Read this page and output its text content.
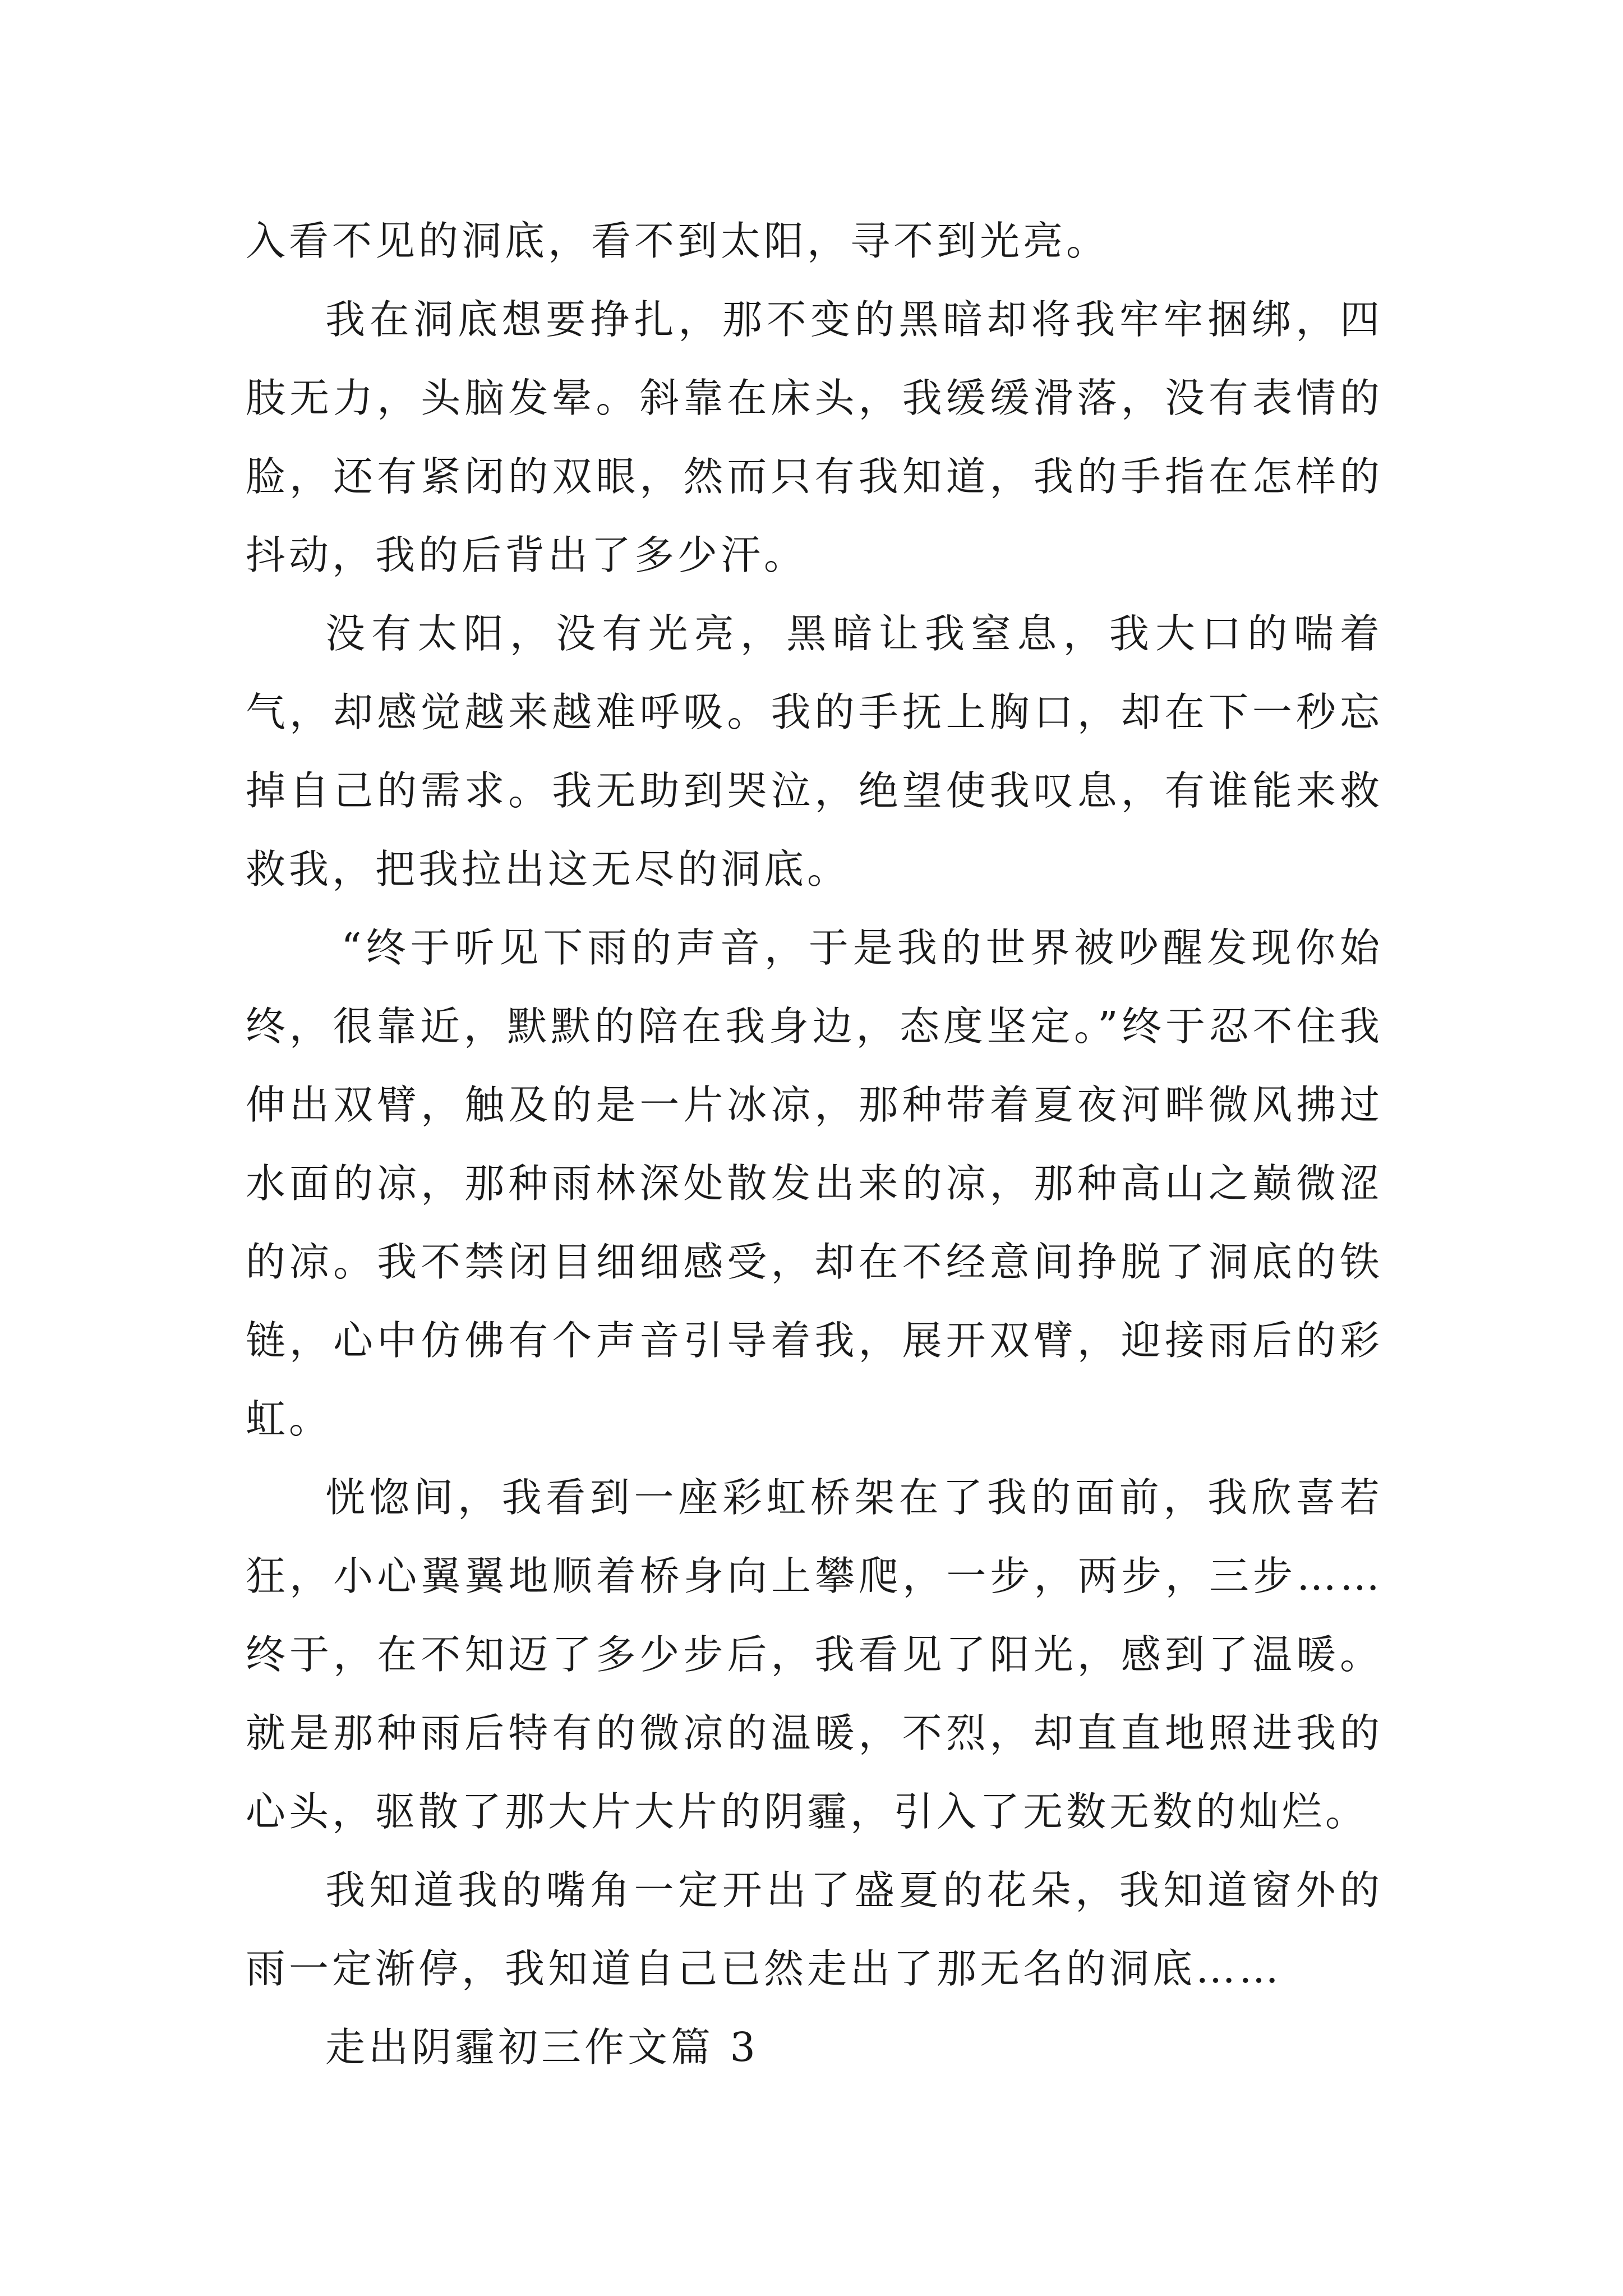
入看不见的洞底，看不到太阳，寻不到光亮。

我在洞底想要挣扎，那不变的黑暗却将我牢牢捆绑，四肢无力，头脑发晕。斜靠在床头，我缓缓滑落，没有表情的脸，还有紧闭的双眼，然而只有我知道，我的手指在怎样的抖动，我的后背出了多少汗。

没有太阳，没有光亮，黑暗让我窒息，我大口的喘着气，却感觉越来越难呼吸。我的手抚上胸口，却在下一秒忘掉自己的需求。我无助到哭泣，绝望使我叹息，有谁能来救救我，把我拉出这无尽的洞底。

“终于听见下雨的声音，于是我的世界被吵醒发现你始终，很靠近，默默的陪在我身边，态度坚定。”终于忍不住我伸出双臂，触及的是一片冰凉，那种带着夏夜河畔微风拂过水面的凉，那种雨林深处散发出来的凉，那种高山之巅微涩的凉。我不禁闭目细细感受，却在不经意间挣脱了洞底的铁链，心中仿佛有个声音引导着我，展开双臂，迎接雨后的彩虹。

恍惚间，我看到一座彩虹桥架在了我的面前，我欣喜若狂，小心翼翼地顺着桥身向上攀爬，一步，两步，三步……终于，在不知迈了多少步后，我看见了阳光，感到了温暖。就是那种雨后特有的微凉的温暖，不烈，却直直地照进我的心头，驱散了那大片大片的阴霾，引入了无数无数的灿烂。

我知道我的嘴角一定开出了盛夏的花朵，我知道窗外的雨一定渐停，我知道自己已然走出了那无名的洞底……

走出阴霾初三作文篇 3
